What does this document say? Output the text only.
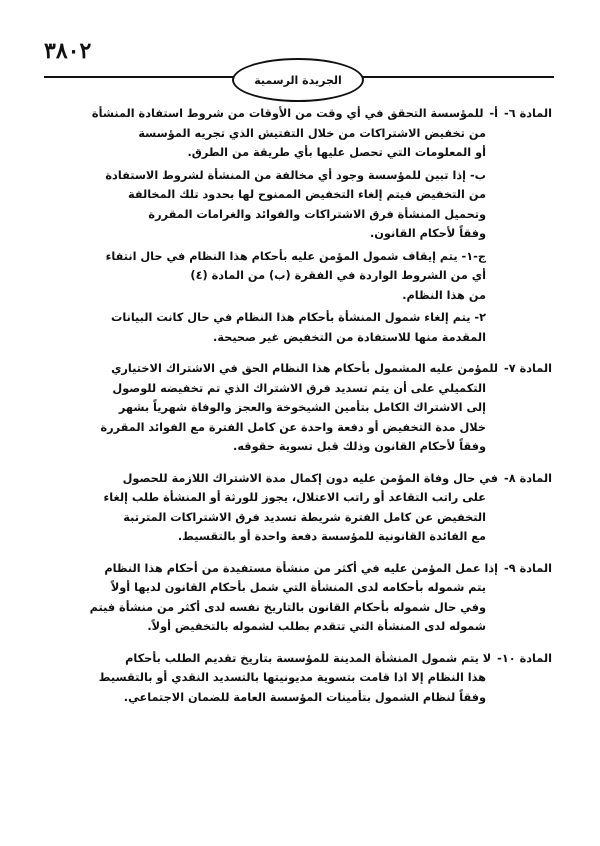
٣٨٠٢
الجريدة الرسمية
المادة ٦-
أ-
للمؤسسة التحقق في أي وقت من الأوقات من شروط استفادة المنشأة
من تخفيض الاشتراكات من خلال التفتيش الذي تجريه المؤسسة
أو المعلومات التي تحصل عليها بأي طريقة من الطرق.
ب- إذا تبين للمؤسسة وجود أي مخالفة من المنشأة لشروط الاستفادة
من التخفيض فيتم إلغاء التخفيض الممنوح لها بحدود تلك المخالفة
وتحميل المنشأة فرق الاشتراكات والفوائد والغرامات المقررة
وفقاً لأحكام القانون.
ج-١- يتم إيقاف شمول المؤمن عليه بأحكام هذا النظام في حال انتفاء
أي من الشروط الواردة في الفقرة (ب) من المادة (٤)
من هذا النظام.
٢- يتم إلغاء شمول المنشأة بأحكام هذا النظام في حال كانت البيانات
المقدمة منها للاستفادة من التخفيض غير صحيحة.
المادة ٧-
للمؤمن عليه المشمول بأحكام هذا النظام الحق في الاشتراك الاختياري
التكميلي على أن يتم تسديد فرق الاشتراك الذي تم تخفيضه للوصول
إلى الاشتراك الكامل بتأمين الشيخوخة والعجز والوفاة شهرياً بشهر
خلال مدة التخفيض أو دفعة واحدة عن كامل الفترة مع الفوائد المقررة
وفقاً لأحكام القانون وذلك قبل تسوية حقوقه.
المادة ٨-
في حال وفاة المؤمن عليه دون إكمال مدة الاشتراك اللازمة للحصول
على راتب التقاعد أو راتب الاعتلال، يجوز للورثة أو المنشأة طلب إلغاء
التخفيض عن كامل الفترة شريطة تسديد فرق الاشتراكات المترتبة
مع الفائدة القانونية للمؤسسة دفعة واحدة أو بالتقسيط.
المادة ٩-
إذا عمل المؤمن عليه في أكثر من منشأة مستفيدة من أحكام هذا النظام
يتم شموله بأحكامه لدى المنشأة التي شمل بأحكام القانون لديها أولاً
وفي حال شموله بأحكام القانون بالتاريخ نفسه لدى أكثر من منشأة فيتم
شموله لدى المنشأة التي تتقدم بطلب لشموله بالتخفيض أولاً.
المادة ١٠-
لا يتم شمول المنشأة المدينة للمؤسسة بتاريخ تقديم الطلب بأحكام
هذا النظام إلا اذا قامت بتسوية مديونيتها بالتسديد النقدي أو بالتقسيط
وفقاً لنظام الشمول بتأمينات المؤسسة العامة للضمان الاجتماعي.
